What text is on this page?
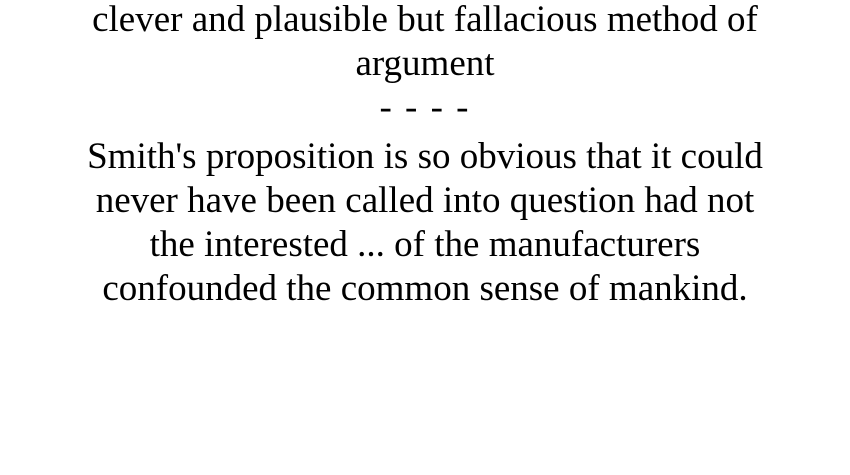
clever and plausible but fallacious method of
argument
- - - -
Smith's proposition is so obvious that it could
never have been called into question had not
the interested ... of the manufacturers
confounded the common sense of mankind.
